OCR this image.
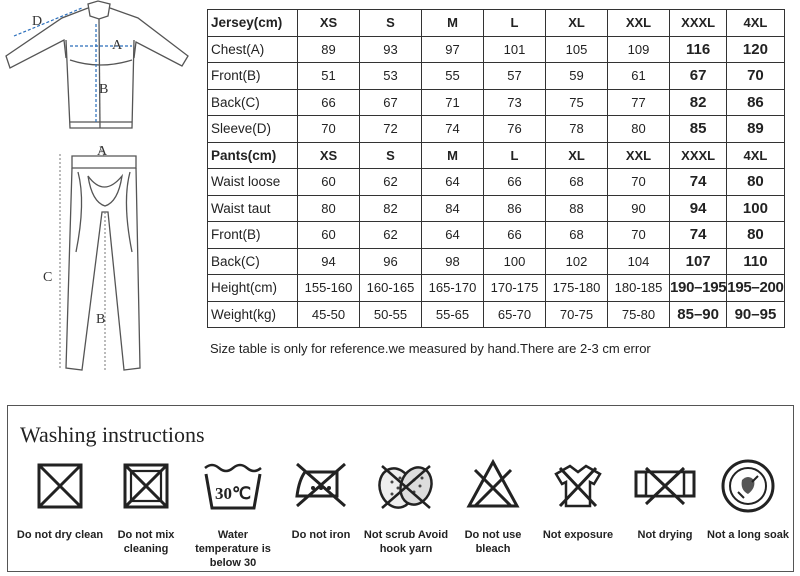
D
A
B
A
C
B
Jersey(cm)	XS	S	M	L	XL	XXL	XXXL	4XL
Chest(A)	89	93	97	101	105	109	116	120
Front(B)	51	53	55	57	59	61	67	70
Back(C)	66	67	71	73	75	77	82	86
Sleeve(D)	70	72	74	76	78	80	85	89
Pants(cm)	XS	S	M	L	XL	XXL	XXXL	4XL
Waist loose	60	62	64	66	68	70	74	80
Waist taut	80	82	84	86	88	90	94	100
Front(B)	60	62	64	66	68	70	74	80
Back(C)	94	96	98	100	102	104	107	110
Height(cm)	155-160	160-165	165-170	170-175	175-180	180-185	190–195	195–200
Weight(kg)	45-50	50-55	55-65	65-70	70-75	75-80	85–90	90–95
Size table is only for reference.we measured by hand.There are 2-3 cm error
Washing instructions
Do not dry clean	Do not mix cleaning
30℃
Water temperature is below 30
Do not iron	Not scrub Avoid hook yarn
Do not use bleach
Not exposure	Not drying	Not a long soak
